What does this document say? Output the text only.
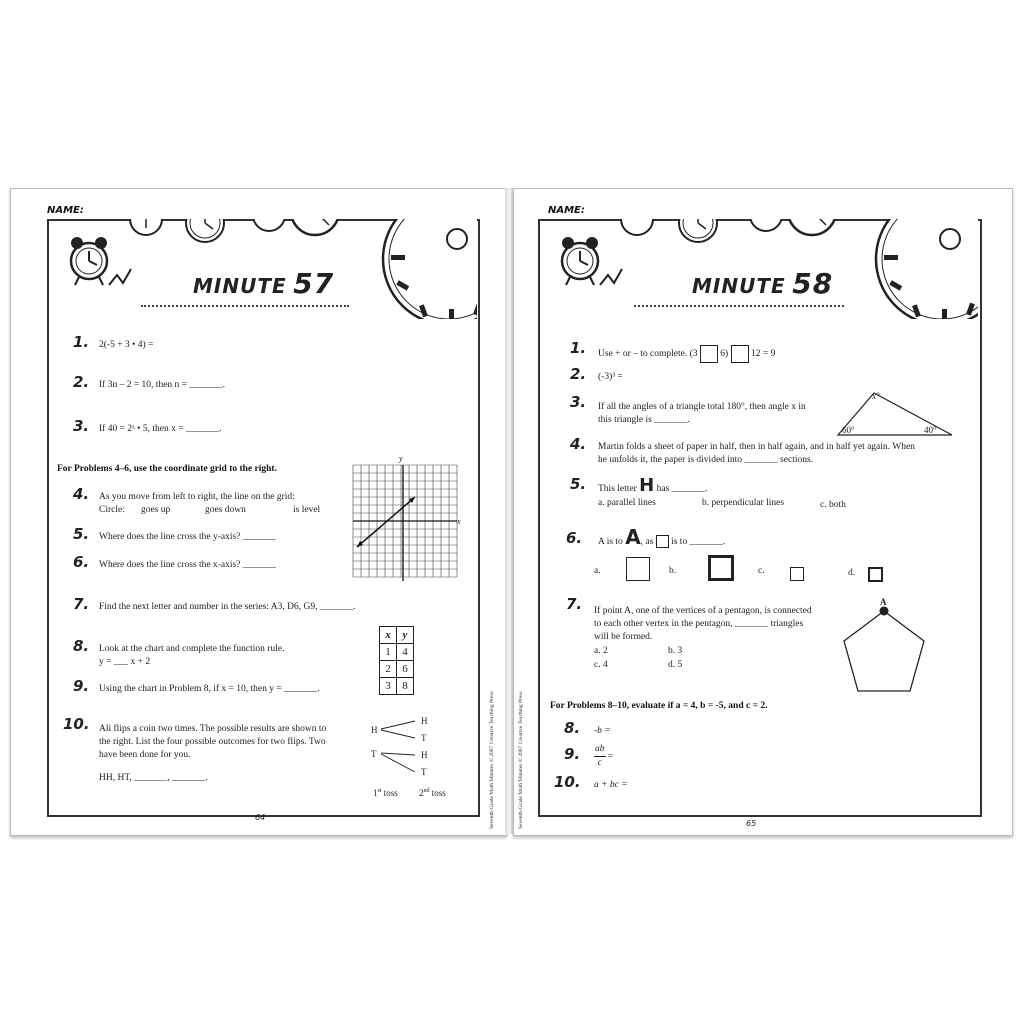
NAME:
MINUTE 57
1. 2(-5 + 3 • 4) =
2. If 3n – 2 = 10, then n = _______.
3. If 40 = 2ˣ • 5, then x = _______.
For Problems 4–6, use the coordinate grid to the right.
4. As you move from left to right, the line on the grid:
Circle: goes up	goes down	is level
5. Where does the line cross the y-axis? _______
6. Where does the line cross the x-axis? _______
x
y
7. Find the next letter and number in the series: A3, D6, G9, _______.
8. Look at the chart and complete the function rule.
y = ___ x + 2
x	y
1	4
2	6
3	8
9. Using the chart in Problem 8, if x = 10, then y = _______.
10. Ali flips a coin two times. The possible results are shown to
the right. List the four possible outcomes for two flips. Two
have been done for you.
HH, HT, _______, _______.
H
T
H
T
H
T
1st toss 2nd toss
64	Seventh-Grade Math Minutes © 2007 Creative Teaching Press
NAME:
MINUTE 58
1. Use + or – to complete. (3 6) 12 = 9
2. (-3)³ =
3. If all the angles of a triangle total 180°, then angle x in
this triangle is _______.
x°
60°	40°
4. Martin folds a sheet of paper in half, then in half again, and in half yet again. When
he unfolds it, the paper is divided into _______ sections.
5. This letter H has _______.
a. parallel lines	b. perpendicular lines	c. both
6. A is to A, as is to _______.
a.	b.	c.	d.
7. If point A, one of the vertices of a pentagon, is connected
to each other vertex in the pentagon, _______ triangles
will be formed.
a. 2	b. 3
c. 4	d. 5
A
For Problems 8–10, evaluate if a = 4, b = -5, and c = 2.
8. -b =
9. $\frac{ab}{c}$ =
10. a + bc =
65
Seventh-Grade Math Minutes © 2007 Creative Teaching Press
